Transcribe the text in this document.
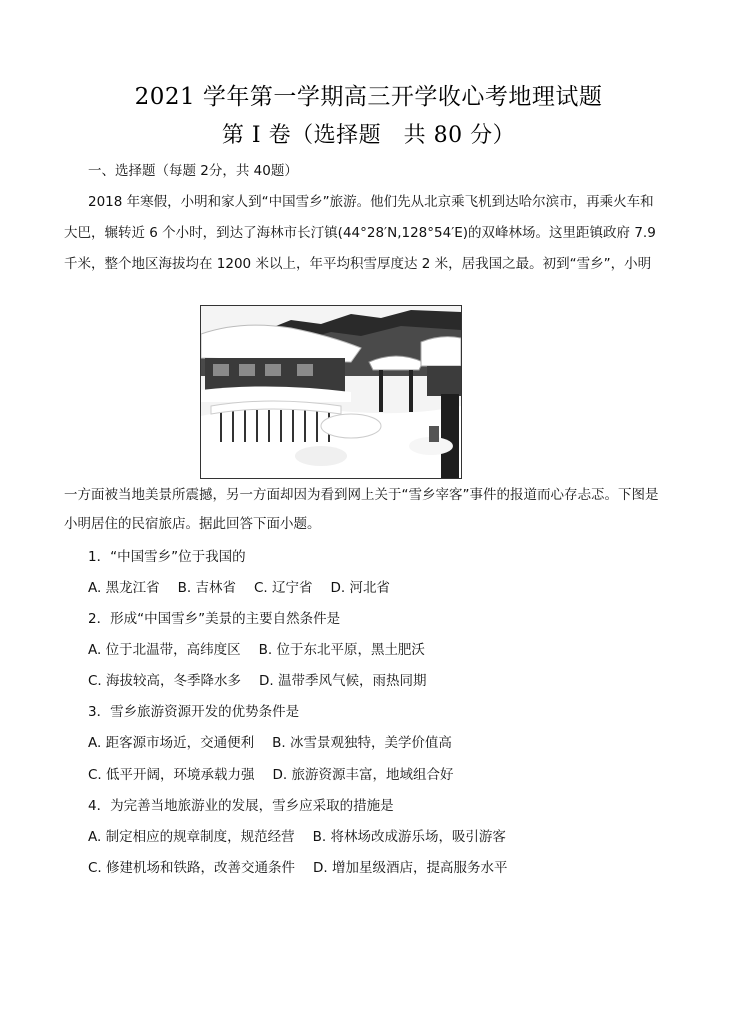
2021 学年第一学期高三开学收心考地理试题
第 I 卷（选择题　共 80 分）
一、选择题（每题 2分，共 40题）
2018 年寒假，小明和家人到“中国雪乡”旅游。他们先从北京乘飞机到达哈尔滨市，再乘火车和
大巴，辗转近 6 个小时，到达了海林市长汀镇(44°28′N,128°54′E)的双峰林场。这里距镇政府 7.9
千米，整个地区海拔均在 1200 米以上，年平均积雪厚度达 2 米，居我国之最。初到“雪乡”，小明
一方面被当地美景所震撼，另一方面却因为看到网上关于“雪乡宰客”事件的报道而心存忐忑。下图是
小明居住的民宿旅店。据此回答下面小题。
1．“中国雪乡”位于我国的
A. 黑龙江省 B. 吉林省 C. 辽宁省 D. 河北省
2．形成“中国雪乡”美景的主要自然条件是
A. 位于北温带，高纬度区 B. 位于东北平原，黑土肥沃
C. 海拔较高，冬季降水多 D. 温带季风气候，雨热同期
3．雪乡旅游资源开发的优势条件是
A. 距客源市场近，交通便利 B. 冰雪景观独特，美学价值高
C. 低平开阔，环境承载力强 D. 旅游资源丰富，地域组合好
4．为完善当地旅游业的发展，雪乡应采取的措施是
A. 制定相应的规章制度，规范经营 B. 将林场改成游乐场，吸引游客
C. 修建机场和铁路，改善交通条件 D. 增加星级酒店，提高服务水平
